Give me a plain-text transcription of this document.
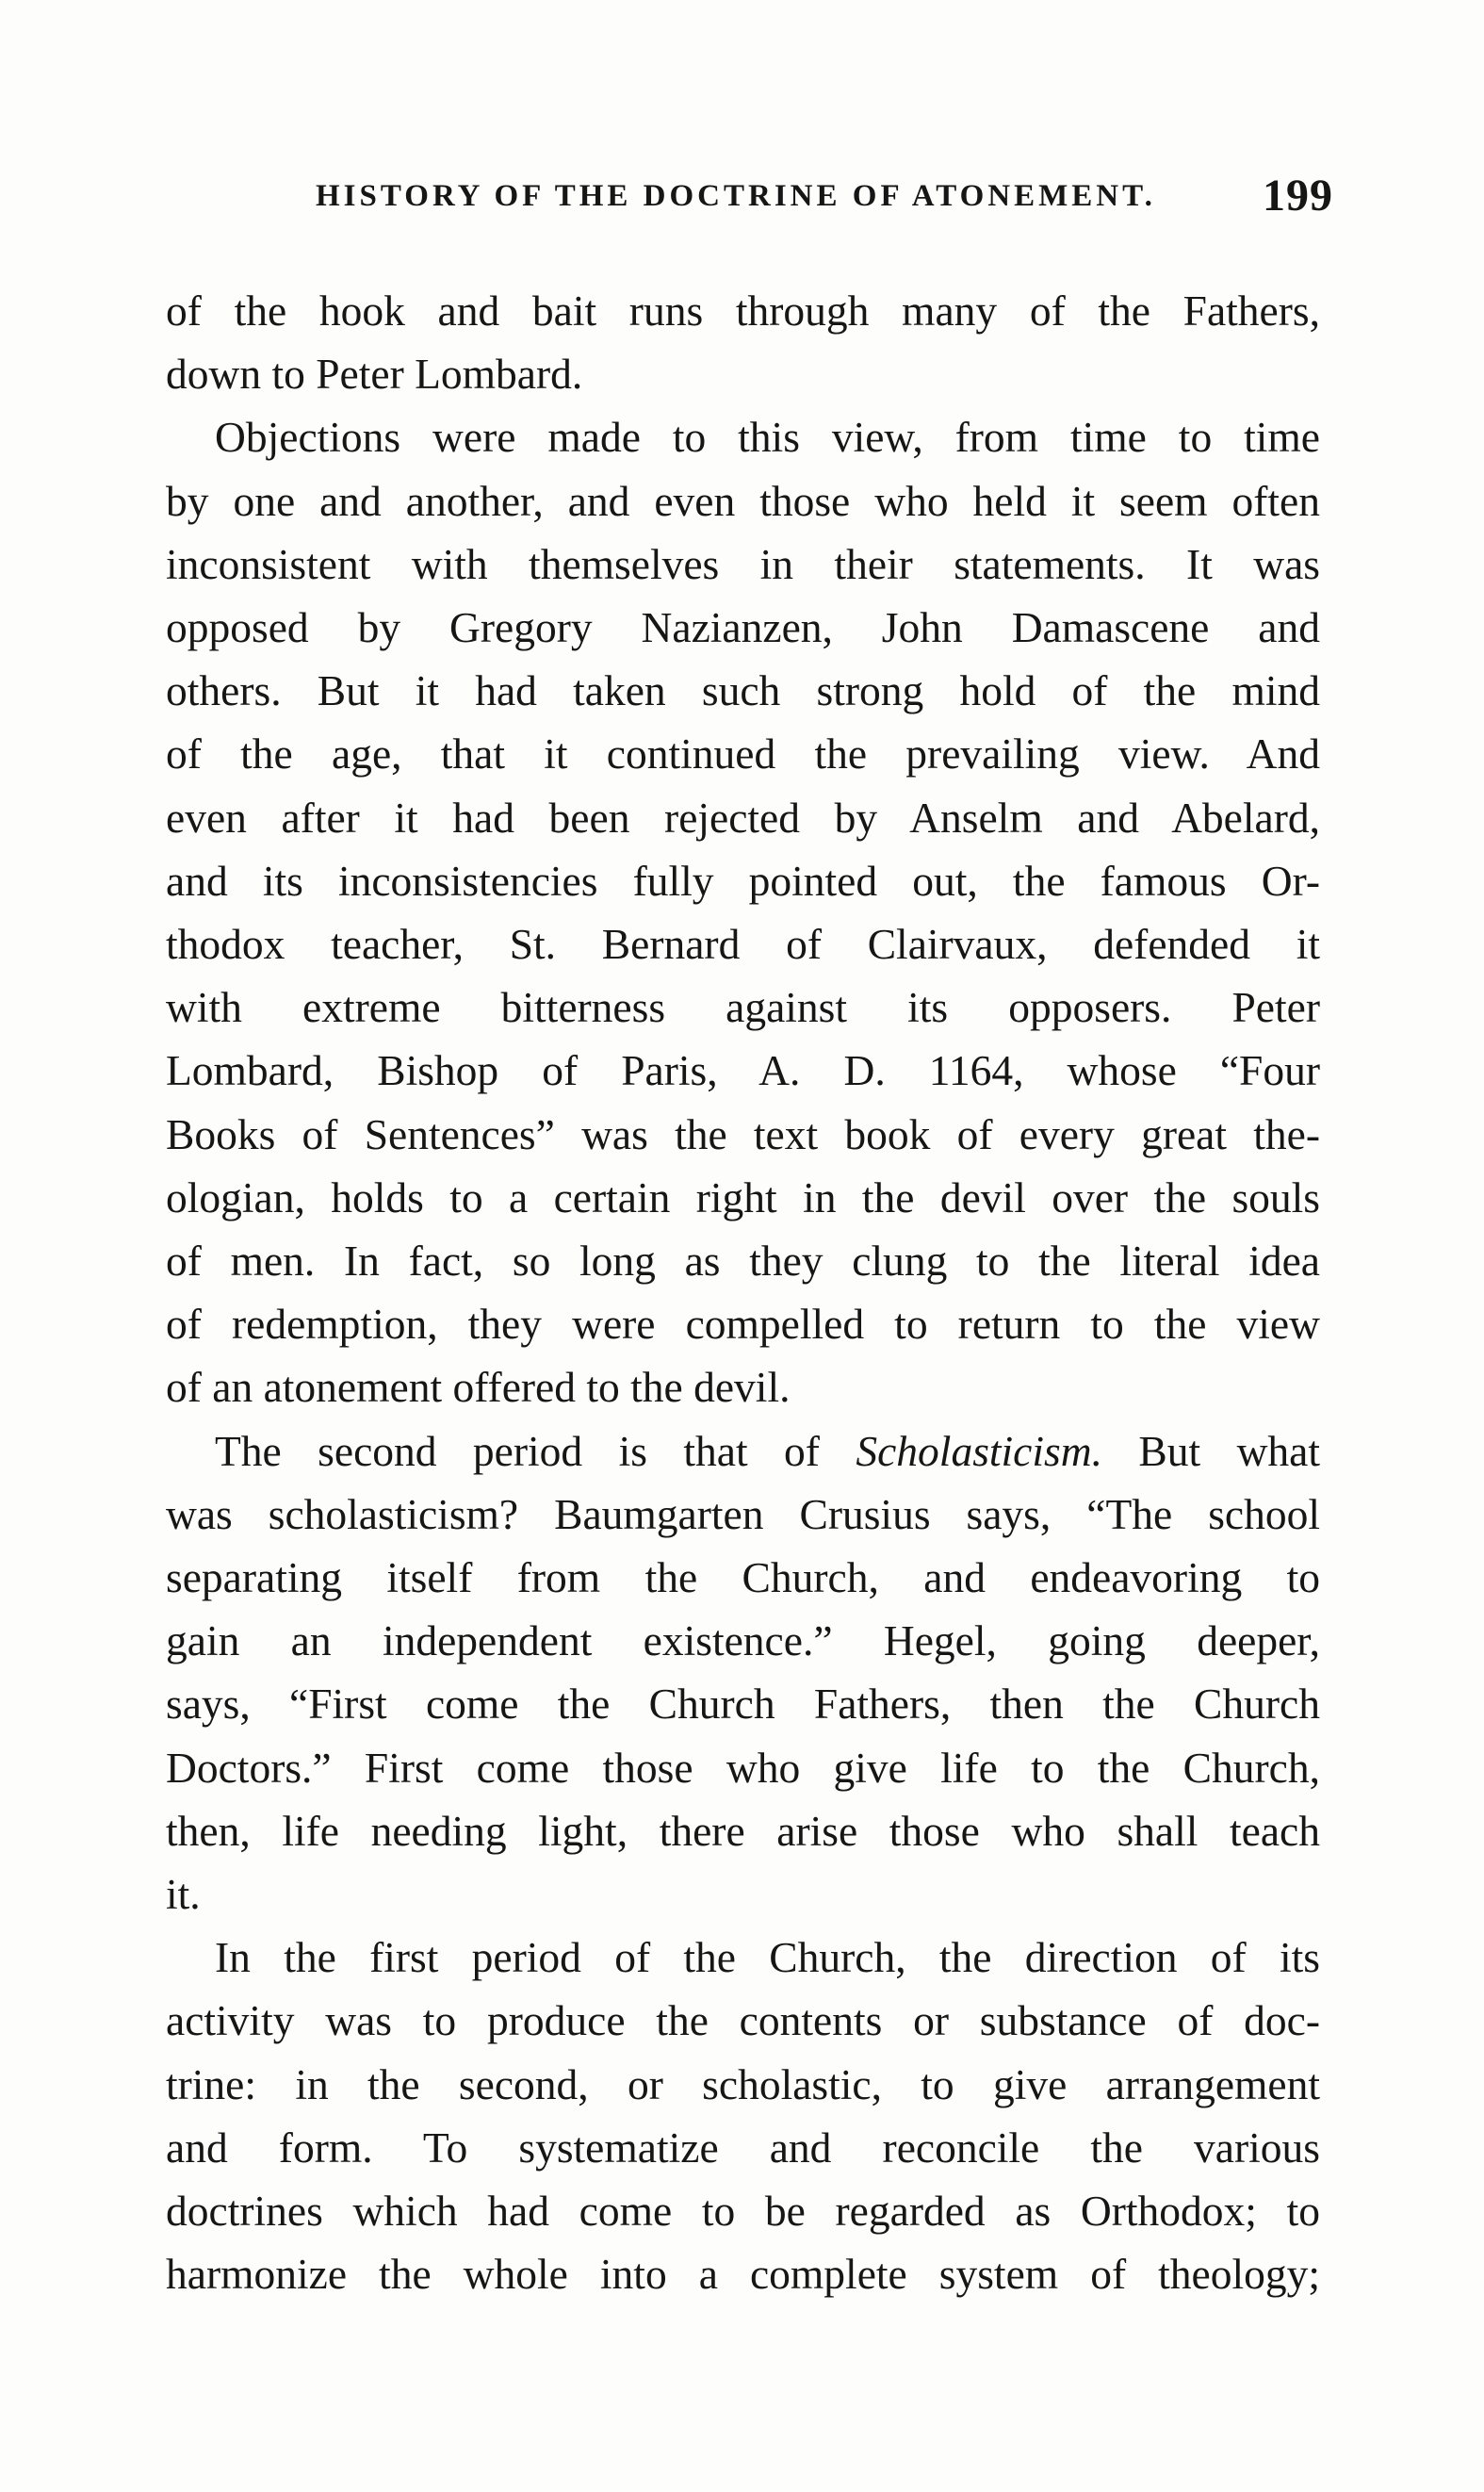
HISTORY OF THE DOCTRINE OF ATONEMENT. 199
of the hook and bait runs through many of the Fathers,
down to Peter Lombard.
Objections were made to this view, from time to time
by one and another, and even those who held it seem often
inconsistent with themselves in their statements. It was
opposed by Gregory Nazianzen, John Damascene and
others. But it had taken such strong hold of the mind
of the age, that it continued the prevailing view. And
even after it had been rejected by Anselm and Abelard,
and its inconsistencies fully pointed out, the famous Or-
thodox teacher, St. Bernard of Clairvaux, defended it
with extreme bitterness against its opposers. Peter
Lombard, Bishop of Paris, A. D. 1164, whose “Four
Books of Sentences” was the text book of every great the-
ologian, holds to a certain right in the devil over the souls
of men. In fact, so long as they clung to the literal idea
of redemption, they were compelled to return to the view
of an atonement offered to the devil.
The second period is that of Scholasticism. But what
was scholasticism? Baumgarten Crusius says, “The school
separating itself from the Church, and endeavoring to
gain an independent existence.” Hegel, going deeper,
says, “First come the Church Fathers, then the Church
Doctors.” First come those who give life to the Church,
then, life needing light, there arise those who shall teach
it.
In the first period of the Church, the direction of its
activity was to produce the contents or substance of doc-
trine: in the second, or scholastic, to give arrangement
and form. To systematize and reconcile the various
doctrines which had come to be regarded as Orthodox; to
harmonize the whole into a complete system of theology;
